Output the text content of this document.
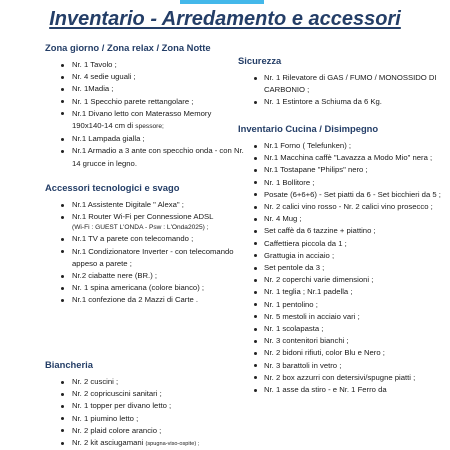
Inventario - Arredamento e accessori
Zona giorno / Zona relax / Zona Notte
Nr. 1 Tavolo ;
Nr. 4 sedie uguali ;
Nr. 1Madia ;
Nr. 1 Specchio parete rettangolare ;
Nr.1 Divano letto con Materasso Memory 190x140-14 cm di spessore;
Nr.1 Lampada gialla ;
Nr.1 Armadio a 3 ante con specchio onda - con Nr. 14 grucce in legno.
Accessori tecnologici e svago
Nr.1 Assistente Digitale " Alexa" ;
Nr.1 Router Wi-Fi per Connessione ADSL
(Wi-Fi : GUEST L'ONDA - Psw : L'Onda2025) ;
Nr.1 TV a parete con telecomando ;
Nr.1 Condizionatore Inverter - con telecomando appeso a parete ;
Nr.2 ciabatte nere (BR.) ;
Nr. 1 spina americana (colore bianco) ;
Nr.1 confezione da 2 Mazzi di Carte .
Biancheria
Nr. 2 cuscini ;
Nr. 2 copricuscini sanitari ;
Nr. 1 topper per divano letto ;
Nr. 1 piumino letto ;
Nr. 2 plaid colore arancio ;
Nr. 2 kit asciugamani (spugna-viso-ospite) ;
Sicurezza
Nr. 1 Rilevatore di GAS / FUMO / MONOSSIDO DI CARBONIO ;
Nr. 1 Estintore a Schiuma da 6 Kg.
Inventario Cucina / Disimpegno
Nr.1 Forno ( Telefunken) ;
Nr.1 Macchina caffè "Lavazza a Modo Mio" nera ;
Nr.1 Tostapane "Philips" nero ;
Nr. 1 Bollitore ;
Posate (6+6+6) - Set piatti da 6 - Set bicchieri da 5 ;
Nr. 2 calici vino rosso - Nr. 2 calici vino prosecco ;
Nr. 4 Mug ;
Set caffè da 6 tazzine + piattino ;
Caffettiera piccola da 1 ;
Grattugia in acciaio ;
Set pentole da 3 ;
Nr. 2 coperchi varie dimensioni ;
Nr. 1 teglia ; Nr.1 padella ;
Nr. 1 pentolino ;
Nr. 5 mestoli in acciaio vari ;
Nr. 1 scolapasta ;
Nr. 3 contenitori bianchi ;
Nr. 2 bidoni rifiuti, color Blu e Nero ;
Nr. 3 barattoli in vetro ;
Nr. 2 box azzurri con detersivi/spugne piatti ;
Nr. 1 asse da stiro - e Nr. 1 Ferro da
